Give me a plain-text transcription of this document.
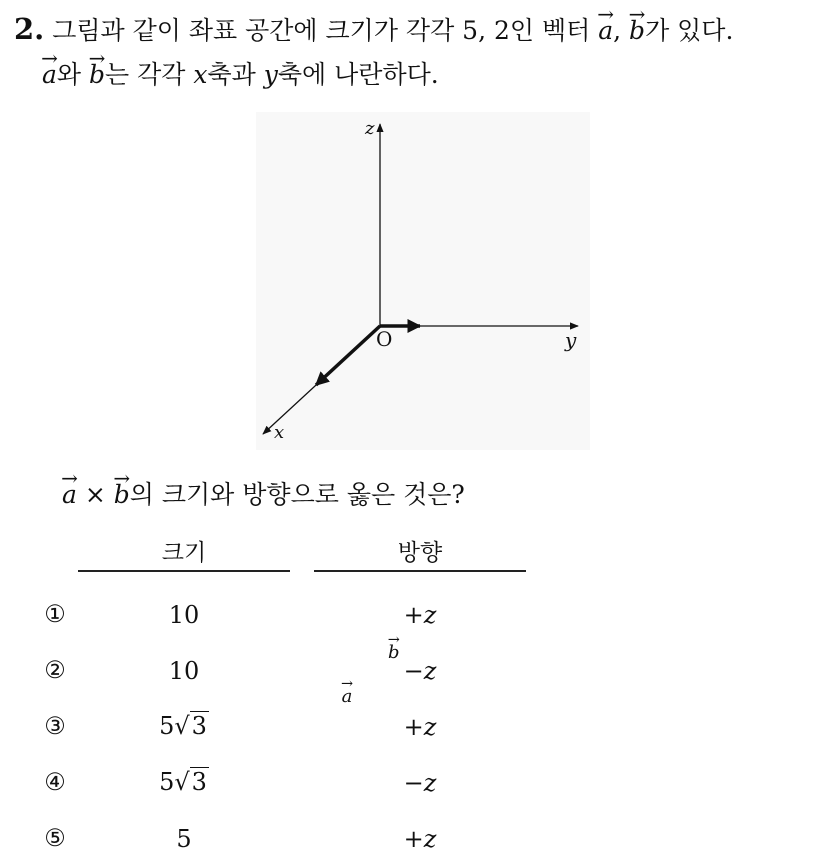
2. 그림과 같이 좌표 공간에 크기가 각각 5, 2인 벡터 → a, → b가 있다.
→ a와 → b는 각각 x축과 y축에 나란하다.

z
y
x
O
→ b → a
→ a × → b의 크기와 방향으로 옳은 것은?
크기	방향
①	10	+z
②	10	−z
③	5√3	+z
④	5√3	−z
⑤	5	+z
